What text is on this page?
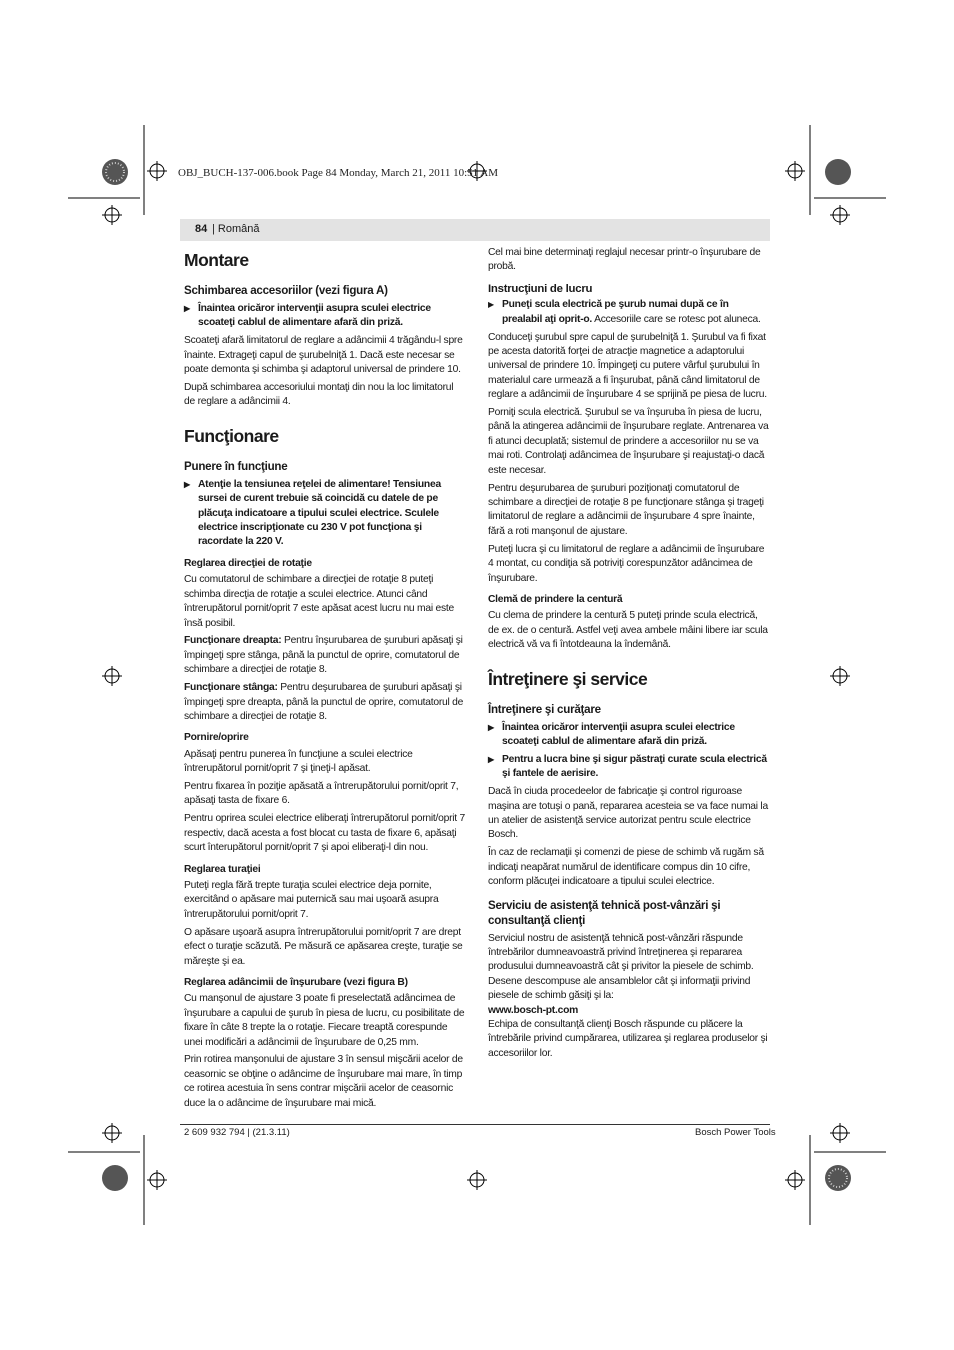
OBJ_BUCH-137-006.book Page 84 Monday, March 21, 2011 10:51 AM
84 | Română
Montare
Schimbarea accesoriilor (vezi figura A)

▶ Înaintea oricăror intervenţii asupra sculei electrice scoateţi cablul de alimentare afară din priză.

Scoateţi afară limitatorul de reglare a adâncimii 4 trăgându-l spre înainte. Extrageţi capul de şurubelniţă 1. Dacă este necesar se poate demonta şi schimba şi adaptorul universal de prindere 10.

După schimbarea accesoriului montaţi din nou la loc limitatorul de reglare a adâncimii 4.

Funcţionare
Punere în funcţiune

▶ Atenţie la tensiunea reţelei de alimentare! Tensiunea sursei de curent trebuie să coincidă cu datele de pe plăcuţa indicatoare a tipului sculei electrice. Sculele electrice inscripţionate cu 230 V pot funcţiona şi racordate la 220 V.

Reglarea direcţiei de rotaţie

Cu comutatorul de schimbare a direcţiei de rotaţie 8 puteţi schimba direcţia de rotaţie a sculei electrice. Atunci când întrerupătorul pornit/oprit 7 este apăsat acest lucru nu mai este însă posibil.

Funcţionare dreapta: Pentru înşurubarea de şuruburi apăsaţi şi împingeţi spre stânga, până la punctul de oprire, comutatorul de schimbare a direcţiei de rotaţie 8.

Funcţionare stânga: Pentru deşurubarea de şuruburi apăsaţi şi împingeţi spre dreapta, până la punctul de oprire, comutatorul de schimbare a direcţiei de rotaţie 8.

Pornire/oprire

Apăsaţi pentru punerea în funcţiune a sculei electrice întrerupătorul pornit/oprit 7 şi ţineţi-l apăsat.

Pentru fixarea în poziţie apăsată a întrerupătorului pornit/oprit 7, apăsaţi tasta de fixare 6.

Pentru oprirea sculei electrice eliberaţi întrerupătorul pornit/oprit 7 respectiv, dacă acesta a fost blocat cu tasta de fixare 6, apăsaţi scurt înterupătorul pornit/oprit 7 şi apoi eliberaţi-l din nou.

Reglarea turaţiei

Puteţi regla fără trepte turaţia sculei electrice deja pornite, exercitând o apăsare mai puternică sau mai uşoară asupra întrerupătorului pornit/oprit 7.

O apăsare uşoară asupra întrerupătorului pornit/oprit 7 are drept efect o turaţie scăzută. Pe măsură ce apăsarea creşte, turaţie se măreşte şi ea.

Reglarea adâncimii de înşurubare (vezi figura B)

Cu manşonul de ajustare 3 poate fi preselectată adâncimea de înşurubare a capului de şurub în piesa de lucru, cu posibilitate de fixare în câte 8 trepte la o rotaţie. Fiecare treaptă corespunde unei modificări a adâncimii de înşurubare de 0,25 mm.

Prin rotirea manşonului de ajustare 3 în sensul mişcării acelor de ceasornic se obţine o adâncime de înşurubare mai mare, în timp ce rotirea acestuia în sens contrar mişcării acelor de ceasornic duce la o adâncime de înşurubare mai mică.

Cel mai bine determinaţi reglajul necesar printr-o înşurubare de probă.

Instrucţiuni de lucru

▶ Puneţi scula electrică pe şurub numai după ce în prealabil aţi oprit-o. Accesoriile care se rotesc pot aluneca.

Conduceţi şurubul spre capul de şurubelniţă 1. Şurubul va fi fixat pe acesta datorită forţei de atracţie magnetice a adaptorului universal de prindere 10. Împingeţi cu putere vârful şurubului în materialul care urmează a fi înşurubat, până când limitatorul de reglare a adâncimii de înşurubare 4 se sprijină pe piesa de lucru.

Porniţi scula electrică. Şurubul se va înşuruba în piesa de lucru, până la atingerea adâncimii de înşurubare reglate. Antrenarea va fi atunci decuplată; sistemul de prindere a accesoriilor nu se va mai roti. Controlaţi adâncimea de înşurubare şi reajustaţi-o dacă este necesar.

Pentru deşurubarea de şuruburi poziţionaţi comutatorul de schimbare a direcţiei de rotaţie 8 pe funcţionare stânga şi trageţi limitatorul de reglare a adâncimii de înşurubare 4 spre înainte, fără a roti manşonul de ajustare.

Puteţi lucra şi cu limitatorul de reglare a adâncimii de înşurubare 4 montat, cu condiţia să potriviţi corespunzător adâncimea de înşurubare.

Clemă de prindere la centură

Cu clema de prindere la centură 5 puteţi prinde scula electrică, de ex. de o centură. Astfel veţi avea ambele mâini libere iar scula electrică vă va fi întotdeauna la îndemână.

Întreţinere şi service
Întreţinere şi curăţare

▶ Înaintea oricăror intervenţii asupra sculei electrice scoateţi cablul de alimentare afară din priză.

▶ Pentru a lucra bine şi sigur păstraţi curate scula electrică şi fantele de aerisire.

Dacă în ciuda procedeelor de fabricaţie şi control riguroase maşina are totuşi o pană, repararea acesteia se va face numai la un atelier de asistenţă service autorizat pentru scule electrice Bosch.

În caz de reclamaţii şi comenzi de piese de schimb vă rugăm să indicaţi neapărat numărul de identificare compus din 10 cifre, conform plăcuţei indicatoare a tipului sculei electrice.

Serviciu de asistenţă tehnică post-vânzări şi consultanţă clienţi

Serviciul nostru de asistenţă tehnică post-vânzări răspunde întrebărilor dumneavoastră privind întreţinerea şi repararea produsului dumneavoastră cât şi privitor la piesele de schimb. Desene descompuse ale ansamblelor cât şi informaţii privind piesele de schimb găsiţi şi la:

www.bosch-pt.com

Echipa de consultanţă clienţi Bosch răspunde cu plăcere la întrebările privind cumpărarea, utilizarea şi reglarea produselor şi accesoriilor lor.

2 609 932 794 | (21.3.11)	Bosch Power Tools
